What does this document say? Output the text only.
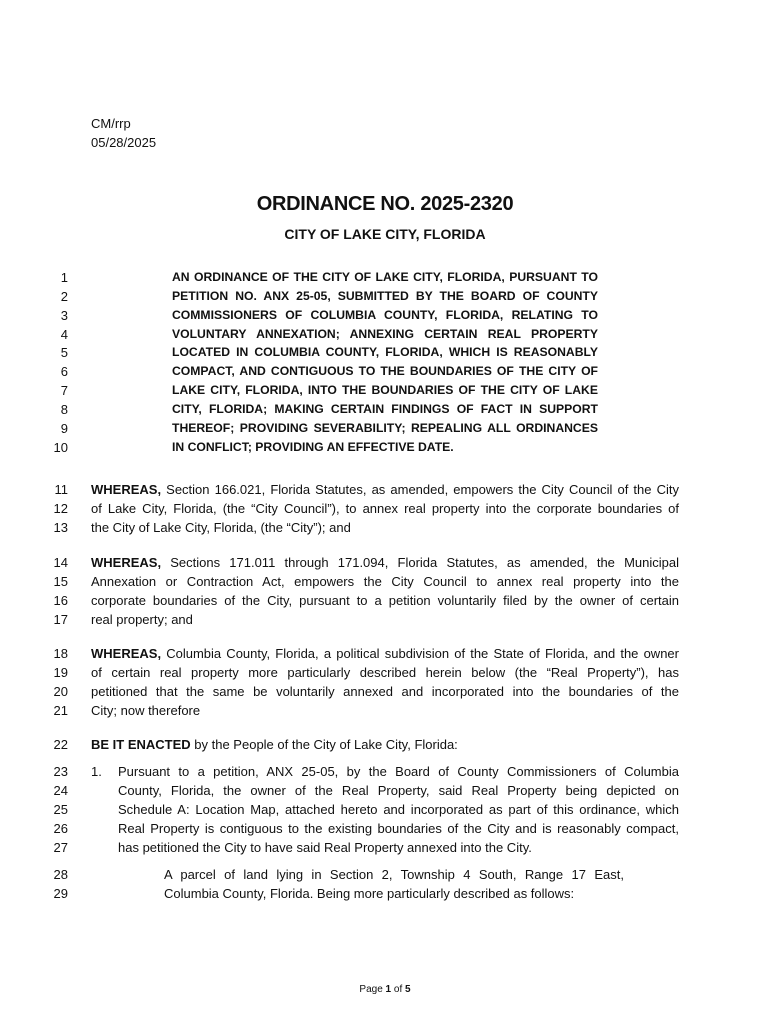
CM/rrp
05/28/2025
ORDINANCE NO. 2025-2320
CITY OF LAKE CITY, FLORIDA
1
2
3
4
5
6
7
8
9
10
11
12
13
14
15
16
17
18
19
20
21
22
23
24
25
26
27
28
29
AN ORDINANCE OF THE CITY OF LAKE CITY, FLORIDA, PURSUANT TO
PETITION NO. ANX 25-05, SUBMITTED BY THE BOARD OF COUNTY
COMMISSIONERS OF COLUMBIA COUNTY, FLORIDA, RELATING TO
VOLUNTARY ANNEXATION; ANNEXING CERTAIN REAL PROPERTY
LOCATED IN COLUMBIA COUNTY, FLORIDA, WHICH IS REASONABLY
COMPACT, AND CONTIGUOUS TO THE BOUNDARIES OF THE CITY OF
LAKE CITY, FLORIDA, INTO THE BOUNDARIES OF THE CITY OF LAKE
CITY, FLORIDA; MAKING CERTAIN FINDINGS OF FACT IN SUPPORT
THEREOF; PROVIDING SEVERABILITY; REPEALING ALL ORDINANCES
IN CONFLICT; PROVIDING AN EFFECTIVE DATE.
WHEREAS, Section 166.021, Florida Statutes, as amended, empowers the City Council of the City
of Lake City, Florida, (the “City Council”), to annex real property into the corporate boundaries of
the City of Lake City, Florida, (the “City”); and
WHEREAS, Sections 171.011 through 171.094, Florida Statutes, as amended, the Municipal
Annexation or Contraction Act, empowers the City Council to annex real property into the
corporate boundaries of the City, pursuant to a petition voluntarily filed by the owner of certain
real property; and
WHEREAS, Columbia County, Florida, a political subdivision of the State of Florida, and the owner
of certain real property more particularly described herein below (the “Real Property”), has
petitioned that the same be voluntarily annexed and incorporated into the boundaries of the
City; now therefore
BE IT ENACTED by the People of the City of Lake City, Florida:
1. Pursuant to a petition, ANX 25-05, by the Board of County Commissioners of Columbia
County, Florida, the owner of the Real Property, said Real Property being depicted on
Schedule A: Location Map, attached hereto and incorporated as part of this ordinance, which
Real Property is contiguous to the existing boundaries of the City and is reasonably compact,
has petitioned the City to have said Real Property annexed into the City.
A parcel of land lying in Section 2, Township 4 South, Range 17 East,
Columbia County, Florida. Being more particularly described as follows:
Page 1 of 5
